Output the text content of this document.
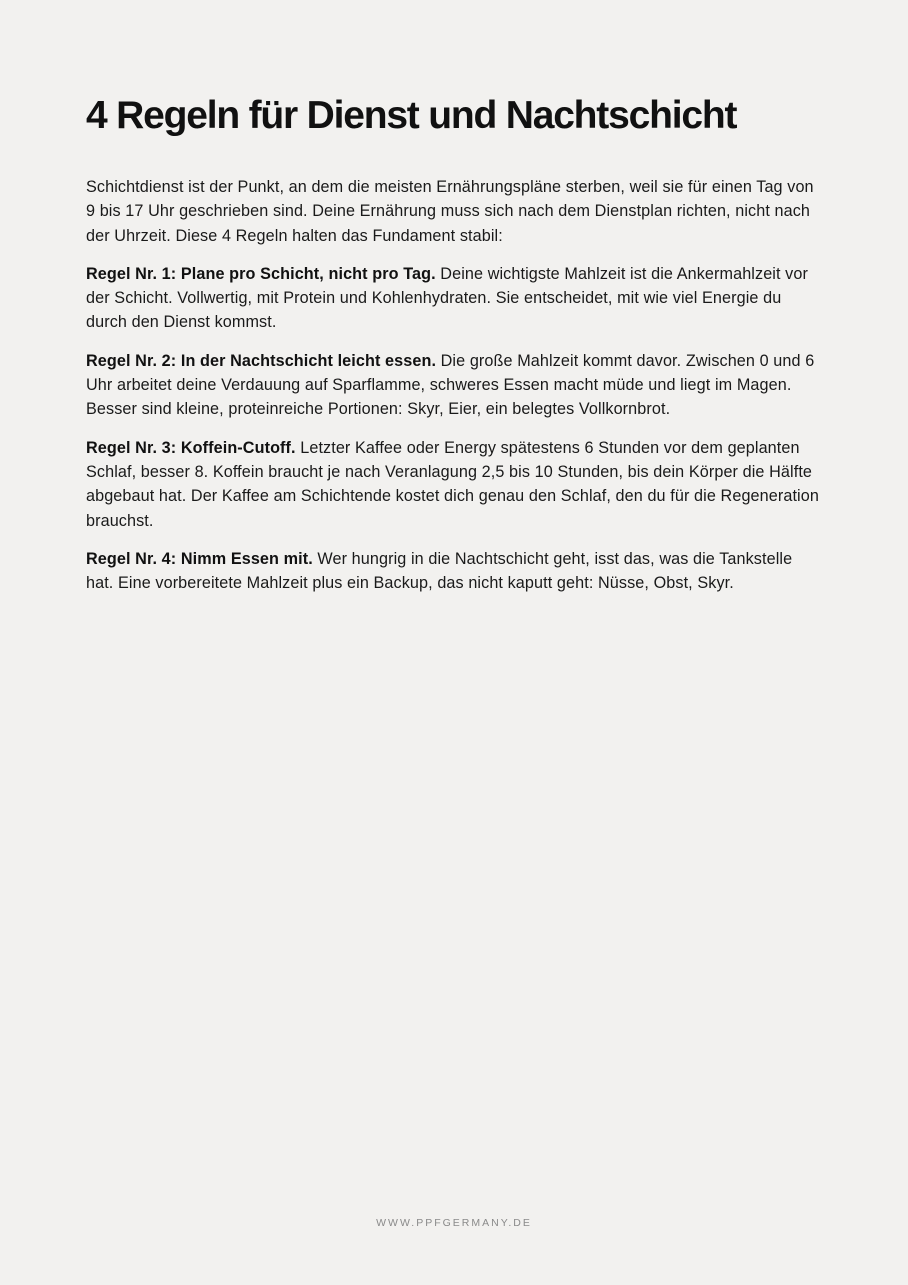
4 Regeln für Dienst und Nachtschicht

Schichtdienst ist der Punkt, an dem die meisten Ernährungspläne sterben, weil sie für einen Tag von 9 bis 17 Uhr geschrieben sind. Deine Ernährung muss sich nach dem Dienstplan richten, nicht nach der Uhrzeit. Diese 4 Regeln halten das Fundament stabil:

Regel Nr. 1: Plane pro Schicht, nicht pro Tag. Deine wichtigste Mahlzeit ist die Ankermahlzeit vor der Schicht. Vollwertig, mit Protein und Kohlenhydraten. Sie entscheidet, mit wie viel Energie du durch den Dienst kommst.

Regel Nr. 2: In der Nachtschicht leicht essen. Die große Mahlzeit kommt davor. Zwischen 0 und 6 Uhr arbeitet deine Verdauung auf Sparflamme, schweres Essen macht müde und liegt im Magen. Besser sind kleine, proteinreiche Portionen: Skyr, Eier, ein belegtes Vollkornbrot.

Regel Nr. 3: Koffein-Cutoff. Letzter Kaffee oder Energy spätestens 6 Stunden vor dem geplanten Schlaf, besser 8. Koffein braucht je nach Veranlagung 2,5 bis 10 Stunden, bis dein Körper die Hälfte abgebaut hat. Der Kaffee am Schichtende kostet dich genau den Schlaf, den du für die Regeneration brauchst.

Regel Nr. 4: Nimm Essen mit. Wer hungrig in die Nachtschicht geht, isst das, was die Tankstelle hat. Eine vorbereitete Mahlzeit plus ein Backup, das nicht kaputt geht: Nüsse, Obst, Skyr.

WWW.PPFGERMANY.DE
